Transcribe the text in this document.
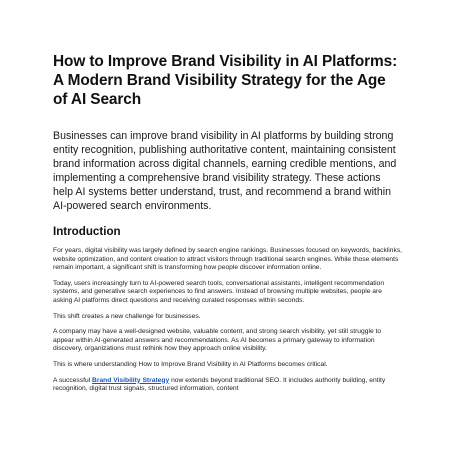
How to Improve Brand Visibility in AI Platforms: A Modern Brand Visibility Strategy for the Age of AI Search

Businesses can improve brand visibility in AI platforms by building strong entity recognition, publishing authoritative content, maintaining consistent brand information across digital channels, earning credible mentions, and implementing a comprehensive brand visibility strategy. These actions help AI systems better understand, trust, and recommend a brand within AI-powered search environments.

Introduction

For years, digital visibility was largely defined by search engine rankings. Businesses focused on keywords, backlinks, website optimization, and content creation to attract visitors through traditional search engines. While those elements remain important, a significant shift is transforming how people discover information online.

Today, users increasingly turn to AI-powered search tools, conversational assistants, intelligent recommendation systems, and generative search experiences to find answers. Instead of browsing multiple websites, people are asking AI platforms direct questions and receiving curated responses within seconds.

This shift creates a new challenge for businesses.

A company may have a well-designed website, valuable content, and strong search visibility, yet still struggle to appear within AI-generated answers and recommendations. As AI becomes a primary gateway to information discovery, organizations must rethink how they approach online visibility.

This is where understanding How to Improve Brand Visibility in AI Platforms becomes critical.

A successful Brand Visibility Strategy now extends beyond traditional SEO. It includes authority building, entity recognition, digital trust signals, structured information, content
